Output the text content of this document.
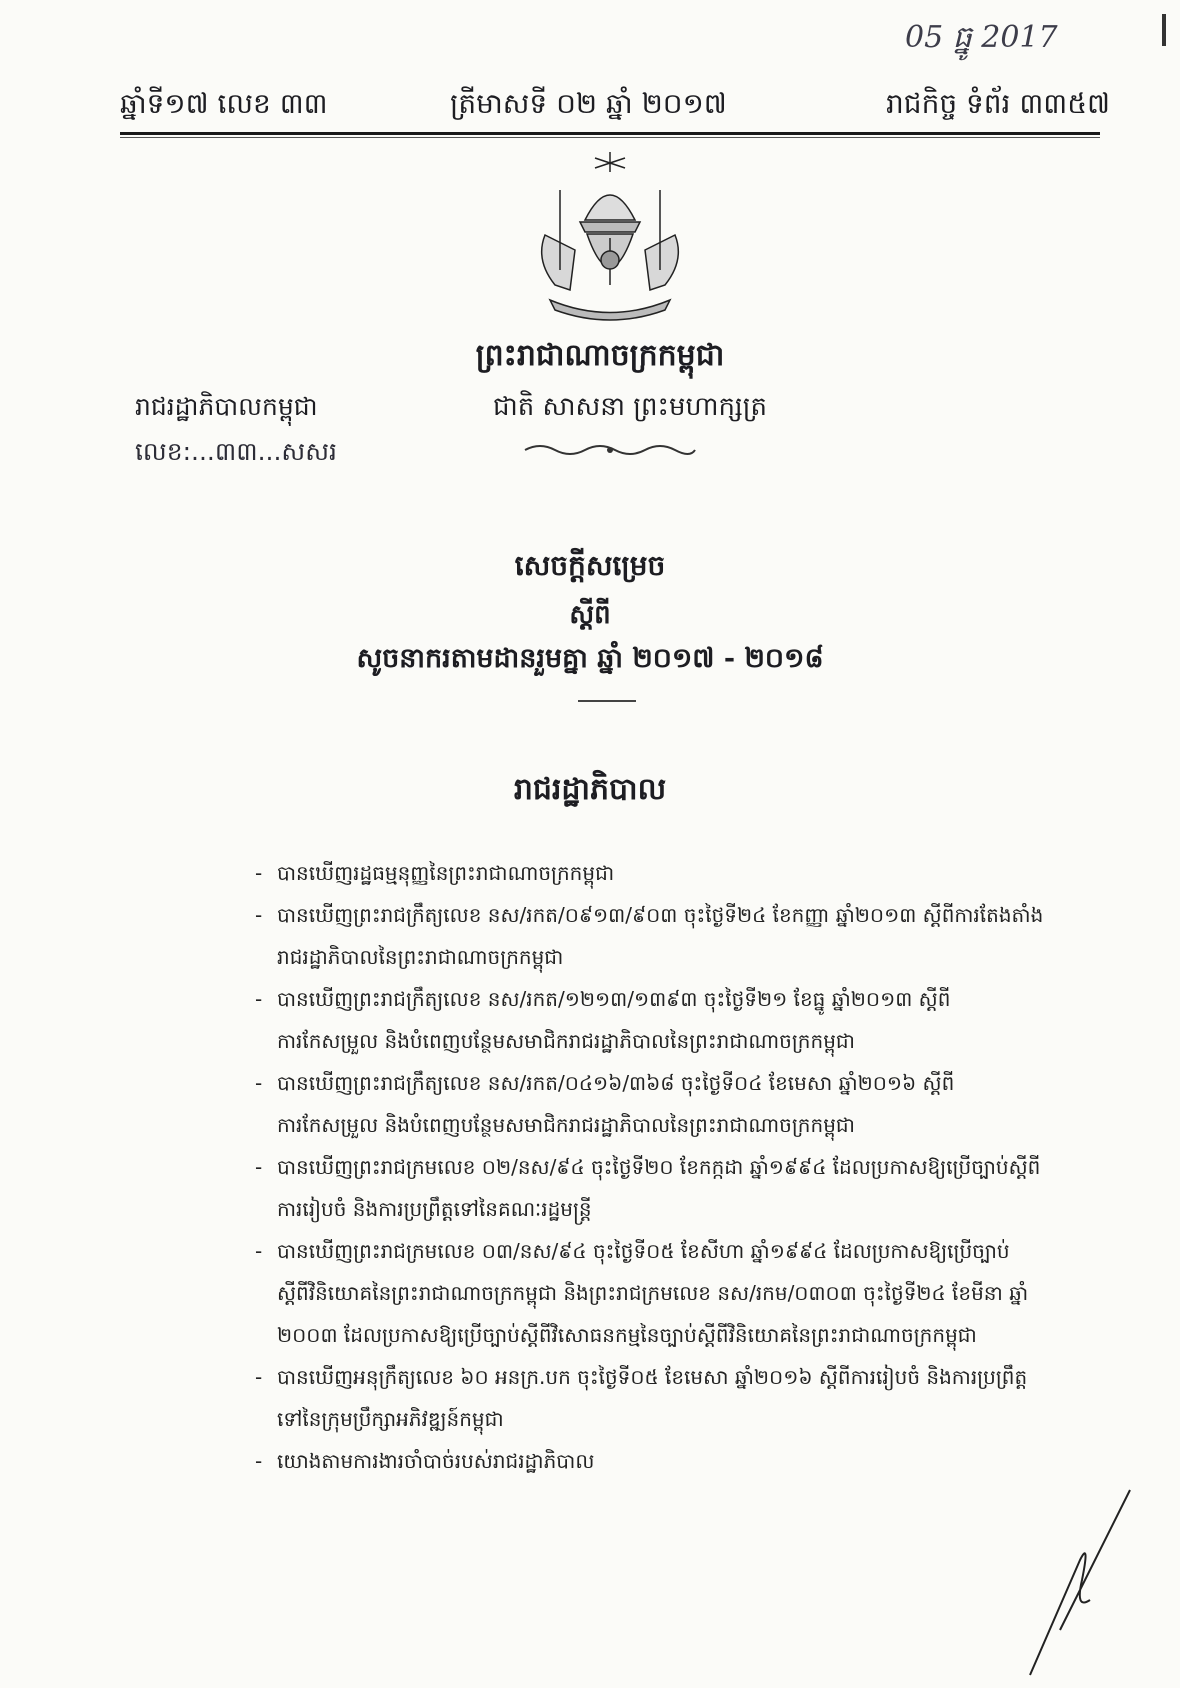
05 ធ្នូ 2017
ឆ្នាំទី១៧ លេខ ៣៣	ត្រីមាសទី ០២ ឆ្នាំ ២០១៧	រាជកិច្ច ទំព័រ ៣៣៥៧
ព្រះរាជាណាចក្រកម្ពុជា
ជាតិ សាសនា ព្រះមហាក្សត្រ
រាជរដ្ឋាភិបាលកម្ពុជា
លេខ:...៣៣...សសរ
សេចក្តីសម្រេច
ស្តីពី
សូចនាករតាមដានរួមគ្នា ឆ្នាំ ២០១៧ - ២០១៨
រាជរដ្ឋាភិបាល
- បានឃើញរដ្ឋធម្មនុញ្ញនៃព្រះរាជាណាចក្រកម្ពុជា
- បានឃើញព្រះរាជក្រឹត្យលេខ នស/រកត/០៩១៣/៩០៣ ចុះថ្ងៃទី២៤ ខែកញ្ញា ឆ្នាំ២០១៣ ស្តីពីការតែងតាំងរាជរដ្ឋាភិបាលនៃព្រះរាជាណាចក្រកម្ពុជា
- បានឃើញព្រះរាជក្រឹត្យលេខ នស/រកត/១២១៣/១៣៩៣ ចុះថ្ងៃទី២១ ខែធ្នូ ឆ្នាំ២០១៣ ស្តីពីការកែសម្រួល និងបំពេញបន្ថែមសមាជិករាជរដ្ឋាភិបាលនៃព្រះរាជាណាចក្រកម្ពុជា
- បានឃើញព្រះរាជក្រឹត្យលេខ នស/រកត/០៤១៦/៣៦៨ ចុះថ្ងៃទី០៤ ខែមេសា ឆ្នាំ២០១៦ ស្តីពីការកែសម្រួល និងបំពេញបន្ថែមសមាជិករាជរដ្ឋាភិបាលនៃព្រះរាជាណាចក្រកម្ពុជា
- បានឃើញព្រះរាជក្រមលេខ ០២/នស/៩៤ ចុះថ្ងៃទី២០ ខែកក្កដា ឆ្នាំ១៩៩៤ ដែលប្រកាសឱ្យប្រើច្បាប់ស្តីពីការរៀបចំ និងការប្រព្រឹត្តទៅនៃគណៈរដ្ឋមន្ត្រី
- បានឃើញព្រះរាជក្រមលេខ ០៣/នស/៩៤ ចុះថ្ងៃទី០៥ ខែសីហា ឆ្នាំ១៩៩៤ ដែលប្រកាសឱ្យប្រើច្បាប់ស្តីពីវិនិយោគនៃព្រះរាជាណាចក្រកម្ពុជា និងព្រះរាជក្រមលេខ នស/រកម/០៣០៣ ចុះថ្ងៃទី២៤ ខែមីនា ឆ្នាំ ២០០៣ ដែលប្រកាសឱ្យប្រើច្បាប់ស្តីពីវិសោធនកម្មនៃច្បាប់ស្តីពីវិនិយោគនៃព្រះរាជាណាចក្រកម្ពុជា
- បានឃើញអនុក្រឹត្យលេខ ៦០ អនក្រ.បក ចុះថ្ងៃទី០៥ ខែមេសា ឆ្នាំ២០១៦ ស្តីពីការរៀបចំ និងការប្រព្រឹត្តទៅនៃក្រុមប្រឹក្សាអភិវឌ្ឍន៍កម្ពុជា
- យោងតាមការងារចាំបាច់របស់រាជរដ្ឋាភិបាល
